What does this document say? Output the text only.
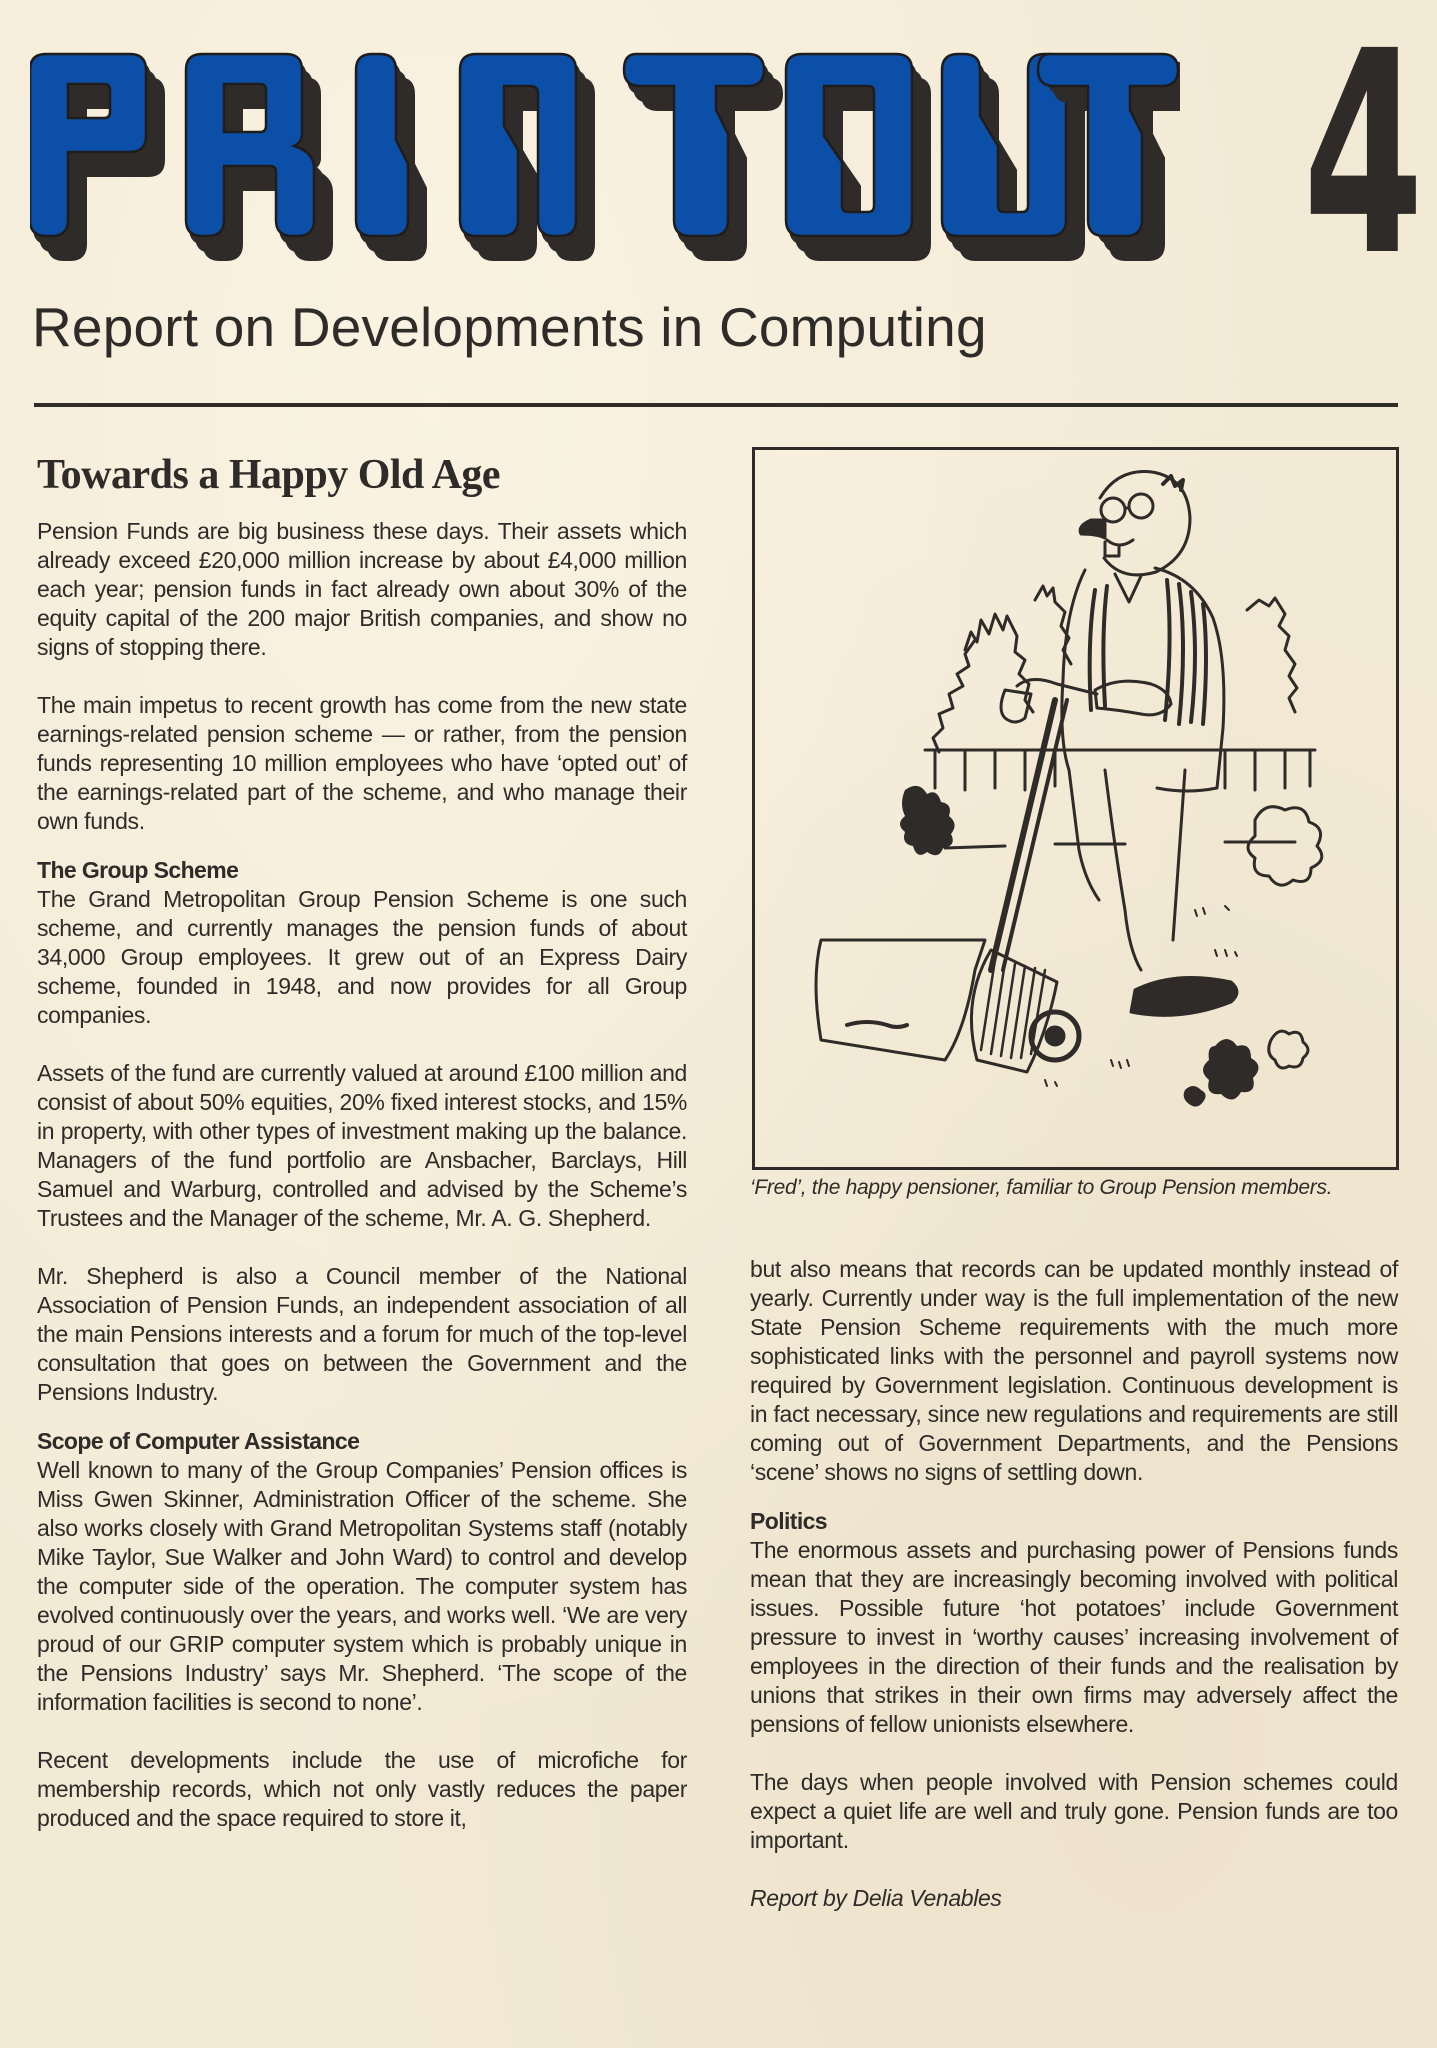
4
Report on Developments in Computing
Towards a Happy Old Age

Pension Funds are big business these days. Their assets which already exceed £20,000 million increase by about £4,000 million each year; pension funds in fact already own about 30% of the equity capital of the 200 major British companies, and show no signs of stopping there.

The main impetus to recent growth has come from the new state earnings-related pension scheme — or rather, from the pension funds representing 10 million employees who have ‘opted out’ of the earnings-related part of the scheme, and who manage their own funds.

The Group Scheme

The Grand Metropolitan Group Pension Scheme is one such scheme, and currently manages the pension funds of about 34,000 Group employees. It grew out of an Express Dairy scheme, founded in 1948, and now provides for all Group companies.

Assets of the fund are currently valued at around £100 million and consist of about 50% equities, 20% fixed interest stocks, and 15% in property, with other types of investment making up the balance. Managers of the fund portfolio are Ansbacher, Barclays, Hill Samuel and Warburg, controlled and advised by the Scheme’s Trustees and the Manager of the scheme, Mr. A. G. Shepherd.

Mr. Shepherd is also a Council member of the National Association of Pension Funds, an independent association of all the main Pensions interests and a forum for much of the top-level consultation that goes on between the Government and the Pensions Industry.

Scope of Computer Assistance

Well known to many of the Group Companies’ Pension offices is Miss Gwen Skinner, Administration Officer of the scheme. She also works closely with Grand Metropolitan Systems staff (notably Mike Taylor, Sue Walker and John Ward) to control and develop the computer side of the operation. The computer system has evolved continuously over the years, and works well. ‘We are very proud of our GRIP computer system which is probably unique in the Pensions Industry’ says Mr. Shepherd. ‘The scope of the information facilities is second to none’.

Recent developments include the use of microfiche for membership records, which not only vastly reduces the paper produced and the space required to store it,

‘Fred’, the happy pensioner, familiar to Group Pension members.

but also means that records can be updated monthly instead of yearly. Currently under way is the full implementation of the new State Pension Scheme requirements with the much more sophisticated links with the personnel and payroll systems now required by Government legislation. Continuous development is in fact necessary, since new regulations and requirements are still coming out of Government Departments, and the Pensions ‘scene’ shows no signs of settling down.

Politics

The enormous assets and purchasing power of Pensions funds mean that they are increasingly becoming involved with political issues. Possible future ‘hot potatoes’ include Government pressure to invest in ‘worthy causes’ increasing involvement of employees in the direction of their funds and the realisation by unions that strikes in their own firms may adversely affect the pensions of fellow unionists elsewhere.

The days when people involved with Pension schemes could expect a quiet life are well and truly gone. Pension funds are too important.

Report by Delia Venables
